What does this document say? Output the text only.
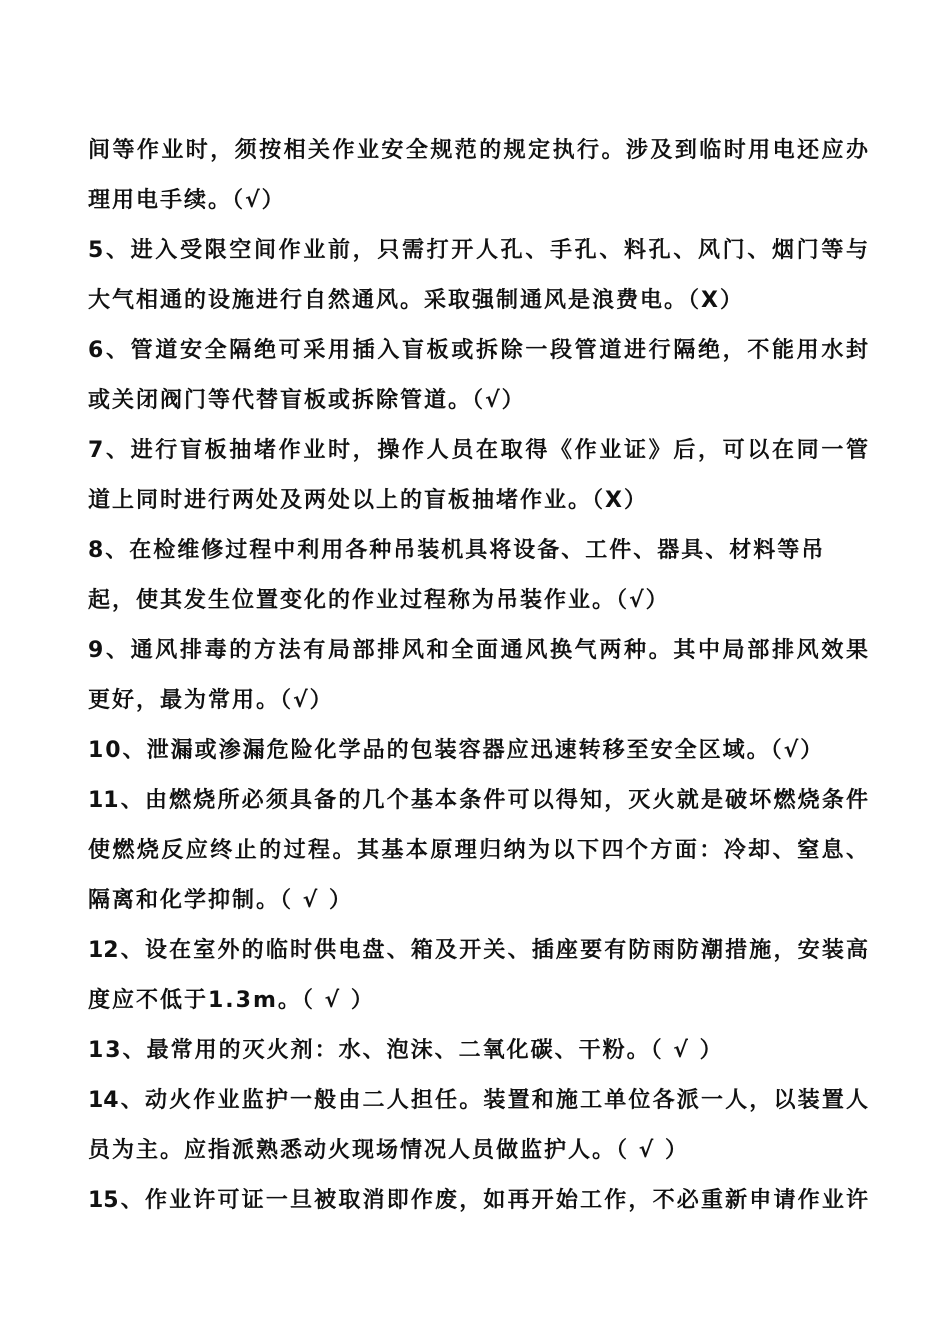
间等作业时，须按相关作业安全规范的规定执行。涉及到临时用电还应办
理用电手续。（√）
5、进入受限空间作业前，只需打开人孔、手孔、料孔、风门、烟门等与
大气相通的设施进行自然通风。采取强制通风是浪费电。（X）
6、管道安全隔绝可采用插入盲板或拆除一段管道进行隔绝，不能用水封
或关闭阀门等代替盲板或拆除管道。（√）
7、进行盲板抽堵作业时，操作人员在取得《作业证》后，可以在同一管
道上同时进行两处及两处以上的盲板抽堵作业。（X）
8、在检维修过程中利用各种吊装机具将设备、工件、器具、材料等吊
起，使其发生位置变化的作业过程称为吊装作业。（√）
9、通风排毒的方法有局部排风和全面通风换气两种。其中局部排风效果
更好，最为常用。（√）
10、泄漏或渗漏危险化学品的包装容器应迅速转移至安全区域。（√）
11、由燃烧所必须具备的几个基本条件可以得知，灭火就是破坏燃烧条件
使燃烧反应终止的过程。其基本原理归纳为以下四个方面：冷却、窒息、
隔离和化学抑制。（ √ ）
12、设在室外的临时供电盘、箱及开关、插座要有防雨防潮措施，安装高
度应不低于1.3m。（ √ ）
13、最常用的灭火剂：水、泡沫、二氧化碳、干粉。（ √ ）
14、动火作业监护一般由二人担任。装置和施工单位各派一人，以装置人
员为主。应指派熟悉动火现场情况人员做监护人。（ √ ）
15、作业许可证一旦被取消即作废，如再开始工作，不必重新申请作业许
